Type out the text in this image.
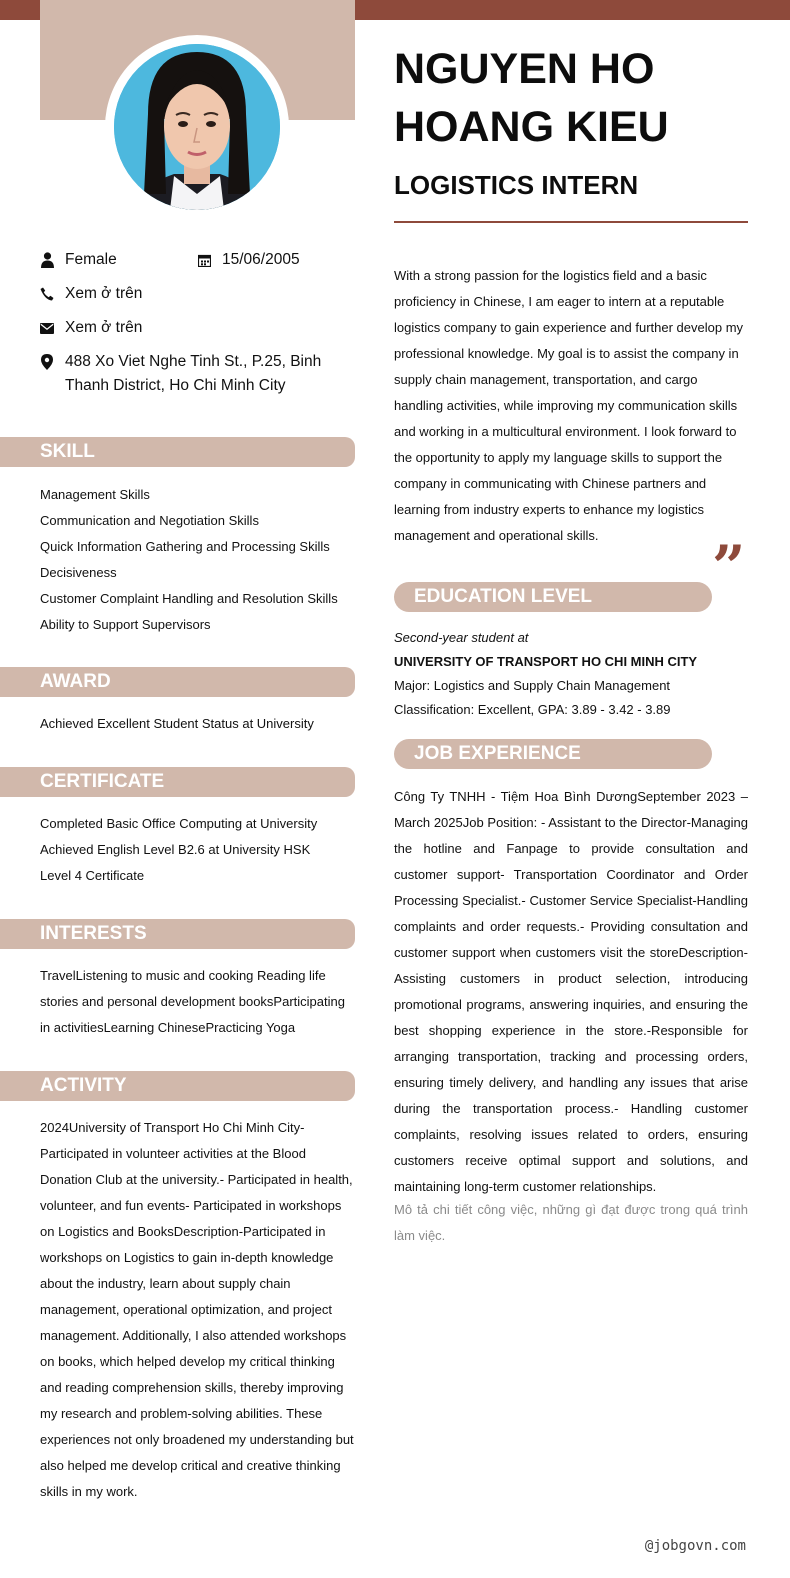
NGUYEN HO HOANG KIEU
LOGISTICS INTERN
Female	15/06/2005
Xem ở trên
Xem ở trên
488 Xo Viet Nghe Tinh St., P.25, Binh Thanh District, Ho Chi Minh City
SKILL
Management Skills
Communication and Negotiation Skills
Quick Information Gathering and Processing Skills
Decisiveness
Customer Complaint Handling and Resolution Skills
Ability to Support Supervisors
AWARD

Achieved Excellent Student Status at University

CERTIFICATE

Completed Basic Office Computing at University Achieved English Level B2.6 at University HSK Level 4 Certificate

INTERESTS

TravelListening to music and cooking Reading life stories and personal development booksParticipating in activitiesLearning ChinesePracticing Yoga

ACTIVITY

2024University of Transport Ho Chi Minh City-Participated in volunteer activities at the Blood Donation Club at the university.- Participated in health, volunteer, and fun events- Participated in workshops on Logistics and BooksDescription-Participated in workshops on Logistics to gain in-depth knowledge about the industry, learn about supply chain management, operational optimization, and project management. Additionally, I also attended workshops on books, which helped develop my critical thinking and reading comprehension skills, thereby improving my research and problem-solving abilities. These experiences not only broadened my understanding but also helped me develop critical and creative thinking skills in my work.

With a strong passion for the logistics field and a basic proficiency in Chinese, I am eager to intern at a reputable logistics company to gain experience and further develop my professional knowledge. My goal is to assist the company in supply chain management, transportation, and cargo handling activities, while improving my communication skills and working in a multicultural environment. I look forward to the opportunity to apply my language skills to support the company in communicating with Chinese partners and learning from industry experts to enhance my logistics management and operational skills.	”
EDUCATION LEVEL
Second-year student at
UNIVERSITY OF TRANSPORT HO CHI MINH CITY
Major: Logistics and Supply Chain Management
Classification: Excellent, GPA: 3.89 - 3.42 - 3.89
JOB EXPERIENCE

Công Ty TNHH - Tiệm Hoa Bình DươngSeptember 2023 – March 2025Job Position: - Assistant to the Director-Managing the hotline and Fanpage to provide consultation and customer support- Transportation Coordinator and Order Processing Specialist.- Customer Service Specialist-Handling complaints and order requests.- Providing consultation and customer support when customers visit the storeDescription- Assisting customers in product selection, introducing promotional programs, answering inquiries, and ensuring the best shopping experience in the store.-Responsible for arranging transportation, tracking and processing orders, ensuring timely delivery, and handling any issues that arise during the transportation process.- Handling customer complaints, resolving issues related to orders, ensuring customers receive optimal support and solutions, and maintaining long-term customer relationships.

Mô tả chi tiết công việc, những gì đạt được trong quá trình làm việc.

@jobgovn.com
